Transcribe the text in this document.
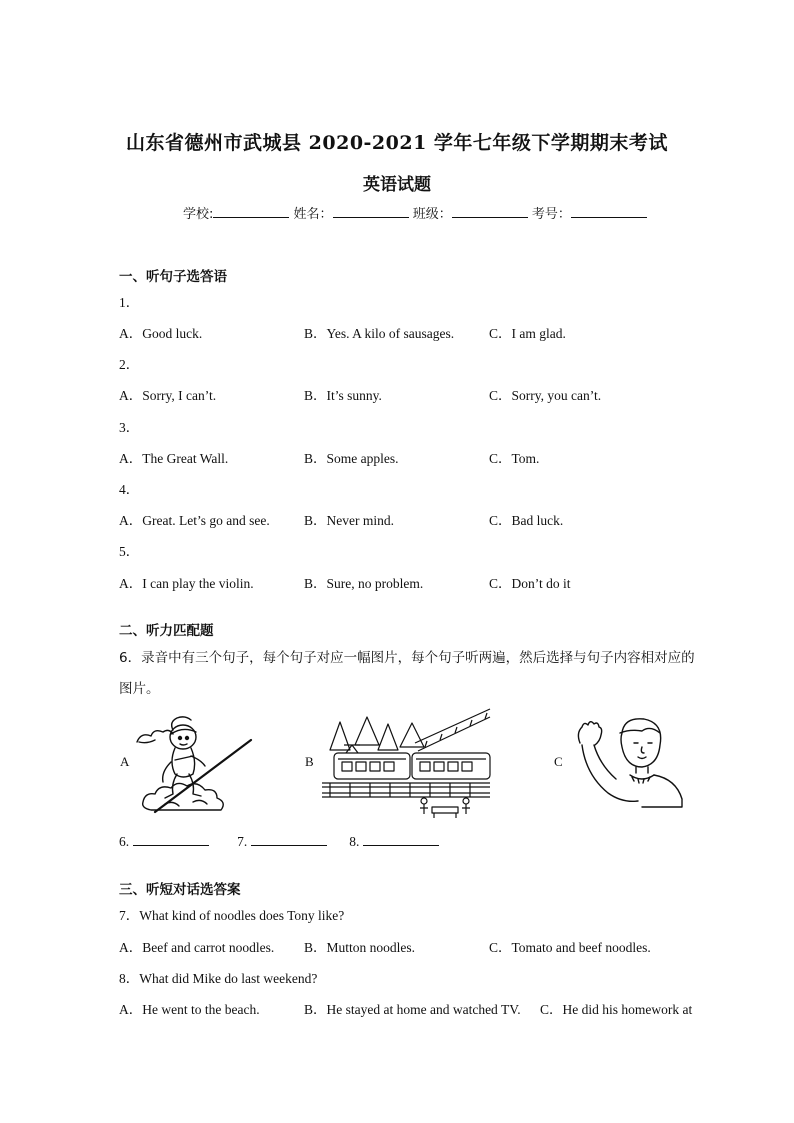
山东省德州市武城县 2020-2021 学年七年级下学期期末考试
英语试题
学校:	姓名：	班级：	考号：
一、听句子选答语
1．
A．Good luck.	B．Yes. A kilo of sausages.	C．I am glad.
2．
A．Sorry, I can’t.	B．It’s sunny.	C．Sorry, you can’t.
3．
A．The Great Wall.	B．Some apples.	C．Tom.
4．
A．Great. Let’s go and see.	B．Never mind.	C．Bad luck.
5．
A．I can play the violin.	B．Sure, no problem.	C．Don’t do it
二、听力匹配题
6．录音中有三个句子，每个句子对应一幅图片，每个句子听两遍，然后选择与句子内容相对应的
图片。
A	B	C
6.	7.	8.
三、听短对话选答案
7．What kind of noodles does Tony like?
A．Beef and carrot noodles. B．Mutton noodles.	C．Tomato and beef noodles.
8．What did Mike do last weekend?
A．He went to the beach.	B．He stayed at home and watched TV. C．He did his homework at
